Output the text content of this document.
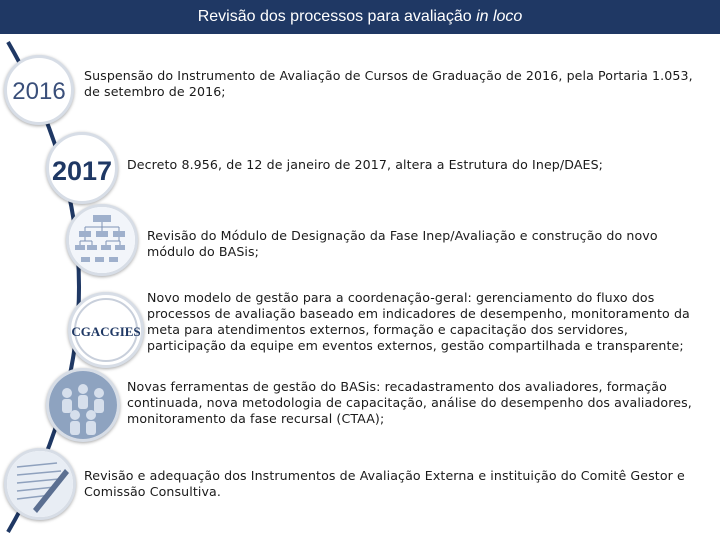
Revisão dos processos para avaliação in loco
2016
Suspensão do Instrumento de Avaliação de Cursos de Graduação de 2016, pela Portaria 1.053, de setembro de 2016;
2017 Decreto 8.956, de 12 de janeiro de 2017, altera a Estrutura do Inep/DAES;
Revisão do Módulo de Designação da Fase Inep/Avaliação e construção do novo módulo do BASis;
CGACGIES
Novo modelo de gestão para a coordenação-geral: gerenciamento do fluxo dos processos de avaliação baseado em indicadores de desempenho, monitoramento da meta para atendimentos externos, formação e capacitação dos servidores, participação da equipe em eventos externos, gestão compartilhada e transparente;
Novas ferramentas de gestão do BASis: recadastramento dos avaliadores, formação continuada, nova metodologia de capacitação, análise do desempenho dos avaliadores, monitoramento da fase recursal (CTAA);
Revisão e adequação dos Instrumentos de Avaliação Externa e instituição do Comitê Gestor e Comissão Consultiva.
